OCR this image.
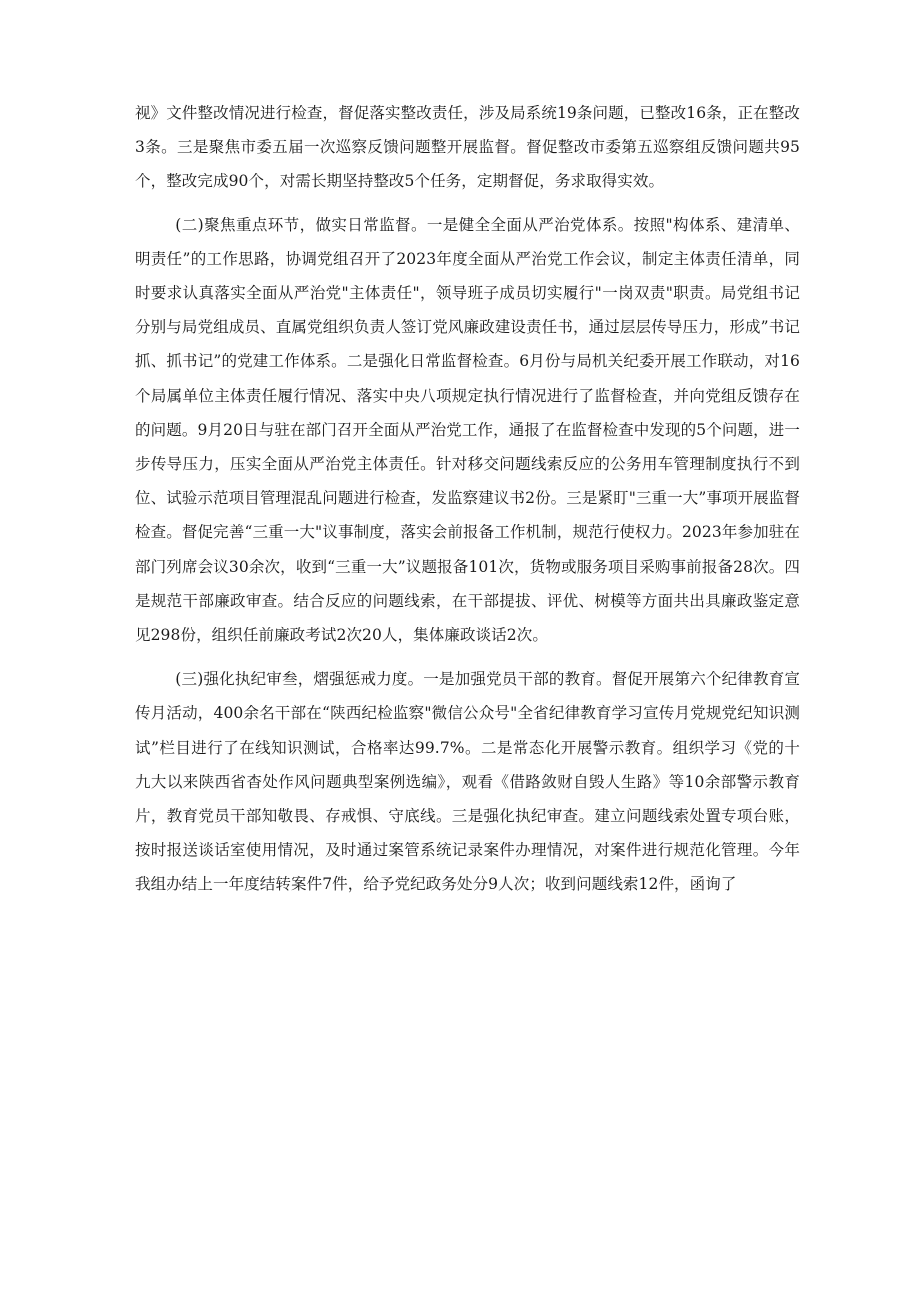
视》文件整改情况进行检查，督促落实整改责任，涉及局系统19条问题，已整改16条，正在整改3条。三是聚焦市委五届一次巡察反馈问题整开展监督。督促整改市委第五巡察组反馈问题共95个，整改完成90个，对需长期坚持整改5个任务，定期督促，务求取得实效。

(二)聚焦重点环节，做实日常监督。一是健全全面从严治党体系。按照"构体系、建清单、明责任”的工作思路，协调党组召开了2023年度全面从严治党工作会议，制定主体责任清单，同时要求认真落实全面从严治党"主体责任"，领导班子成员切实履行"一岗双责"职责。局党组书记分别与局党组成员、直属党组织负责人签订党风廉政建设责任书，通过层层传导压力，形成”书记抓、抓书记”的党建工作体系。二是强化日常监督检查。6月份与局机关纪委开展工作联动，对16个局属单位主体责任履行情况、落实中央八项规定执行情况进行了监督检查，并向党组反馈存在的问题。9月20日与驻在部门召开全面从严治党工作，通报了在监督检查中发现的5个问题，进一步传导压力，压实全面从严治党主体责任。针对移交问题线索反应的公务用车管理制度执行不到位、试验示范项目管理混乱问题进行检查，发监察建议书2份。三是紧盯"三重一大”事项开展监督检查。督促完善“三重一大"议事制度，落实会前报备工作机制，规范行使权力。2023年参加驻在部门列席会议30余次，收到“三重一大”议题报备101次，货物或服务项目采购事前报备28次。四是规范干部廉政审查。结合反应的问题线索，在干部提拔、评优、树模等方面共出具廉政鉴定意见298份，组织任前廉政考试2次20人，集体廉政谈话2次。

(三)强化执纪审叁，熠强惩戒力度。一是加强党员干部的教育。督促开展第六个纪律教育宣传月活动，400余名干部在“陕西纪检监察"微信公众号"全省纪律教育学习宣传月党规党纪知识测试”栏目进行了在线知识测试，合格率达99.7%。二是常态化开展警示教育。组织学习《党的十九大以来陕西省杳处作风问题典型案例选编》，观看《借路敛财自毁人生路》等10余部警示教育片，教育党员干部知敬畏、存戒惧、守底线。三是强化执纪审查。建立问题线索处置专项台账，按时报送谈话室使用情况，及时通过案管系统记录案件办理情况，对案件进行规范化管理。今年我组办结上一年度结转案件7件，给予党纪政务处分9人次；收到问题线索12件，函询了
